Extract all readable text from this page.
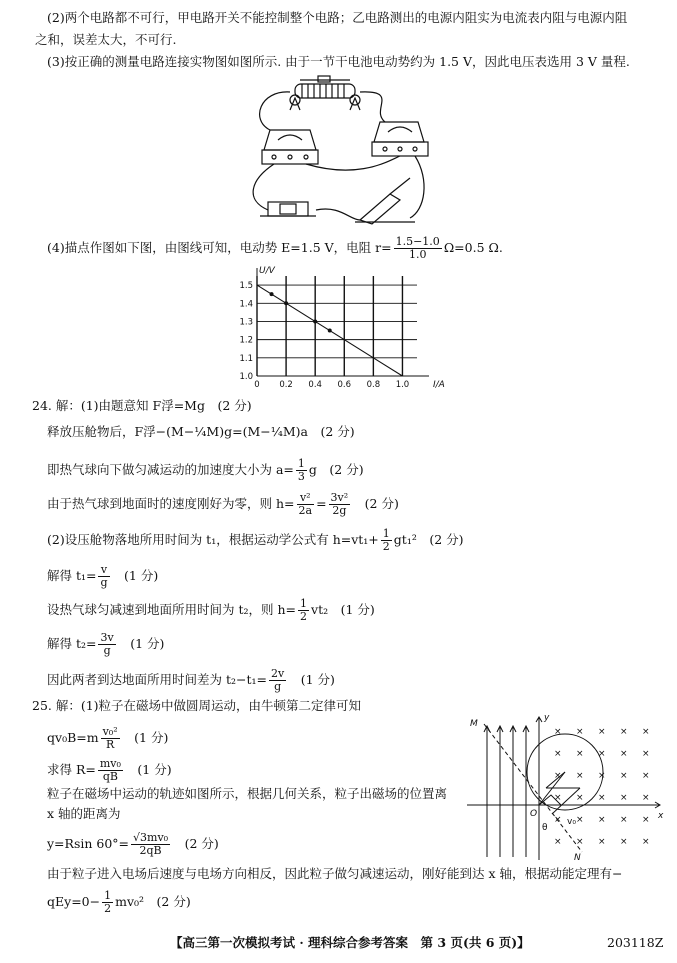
(2)两个电路都不可行，甲电路开关不能控制整个电路；乙电路测出的电源内阻实为电流表内阻与电源内阻
之和，误差太大，不可行.
(3)按正确的测量电路连接实物图如图所示. 由于一节干电池电动势约为 1.5 V，因此电压表选用 3 V 量程.
(4)描点作图如下图，由图线可知，电动势 E=1.5 V，电阻 $r= \frac{1.5-1.0}{1.0} \Omega=0.5$ Ω.
0 0.2 0.4 0.6 0.8 1.0
1.0
1.1
1.2
1.3
1.4
1.5
I/A
U/V
24. 解：(1)由题意知 F浮=Mg　(2 分)
释放压舱物后，F浮−(M−¼M)g=(M−¼M)a　(2 分)
即热气球向下做匀减运动的加速度大小为 $a= \frac{1}{3}$ g　(2 分)
由于热气球到地面时的速度刚好为零，则 $h= \frac{\text{v²}}{2a} = \frac{\text{3v²}}{2g}$ 　(2 分)
(2)设压舱物落地所用时间为 t₁，根据运动学公式有 $h=vt_1+ \frac{1}{2} gt_1^2$　(2 分)
解得 $t_1= \frac{v}{g}$ 　(1 分)
设热气球匀减速到地面所用时间为 t₂，则 $h= \frac{1}{2} vt_2$　(1 分)
解得 $t_2= \frac{3v}{g}$ 　(1 分)
因此两者到达地面所用时间差为 $t_2-t_1= \frac{2v}{g}$ 　(1 分)
25. 解：(1)粒子在磁场中做圆周运动，由牛顿第二定律可知
$qv_0B=m \frac{\text{v₀²}}{R}$ 　(1 分)
求得 $R= \frac{\text{mv₀}}{qB}$ 　(1 分)
粒子在磁场中运动的轨迹如图所示，根据几何关系，粒子出磁场的位置离
x 轴的距离为
y=Rsin $60^\circ= \frac{\text{√3mv₀}}{2qB}$ 　(2 分)
由于粒子进入电场后速度与电场方向相反，因此粒子做匀减速运动，刚好能到达 x 轴，根据动能定理有−
$qEy=0- \frac{1}{2} mv_0^2$　(2 分)
× × × × ×
× × × × ×
× × × × ×
× × × × ×
× × × × ×
× × × × ×
M
N
O	x
y
v₀
θ
【高三第一次模拟考试 · 理科综合参考答案　第 3 页(共 6 页)】	203118Z
